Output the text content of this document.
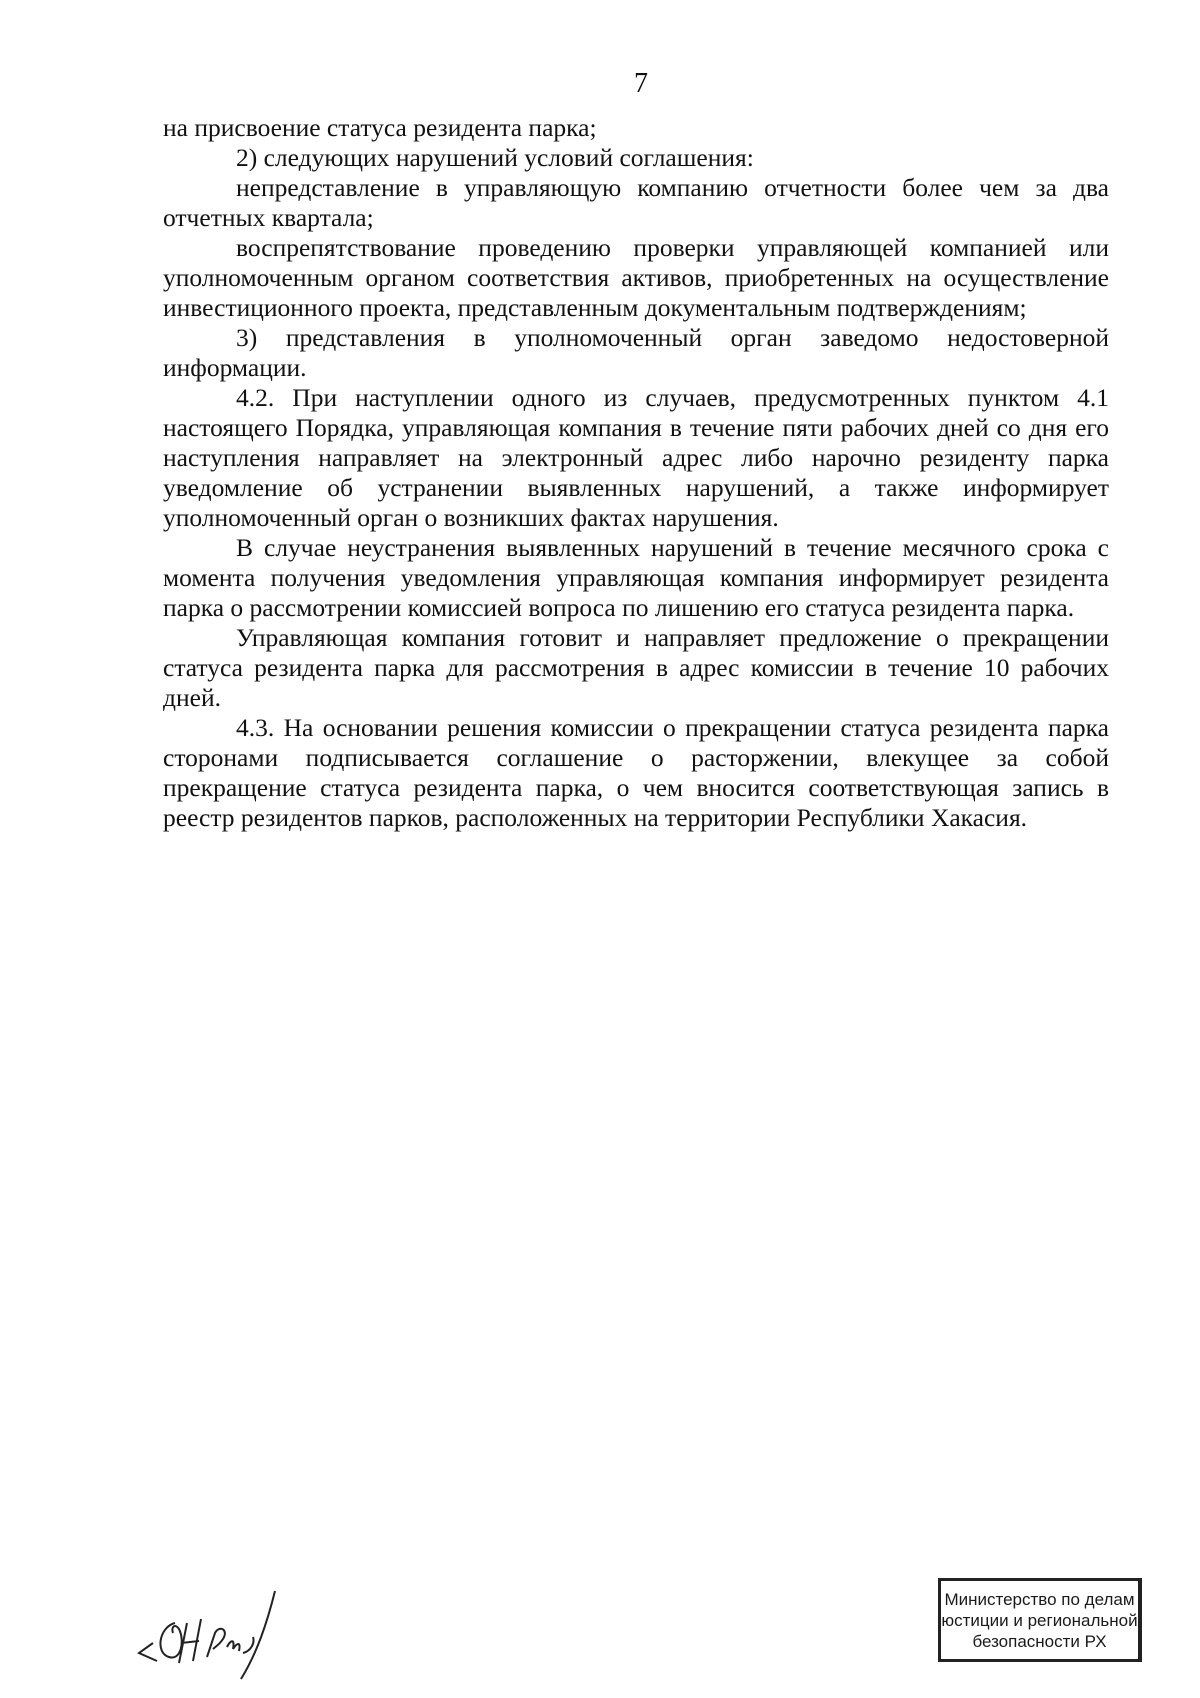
7

на присвоение статуса резидента парка;

2) следующих нарушений условий соглашения:

непредставление в управляющую компанию отчетности более чем за два отчетных квартала;

воспрепятствование проведению проверки управляющей компанией или уполномоченным органом соответствия активов, приобретенных на осуществление инвестиционного проекта, представленным документальным подтверждениям;

3) представления в уполномоченный орган заведомо недостоверной информации.

4.2. При наступлении одного из случаев, предусмотренных пунктом 4.1 настоящего Порядка, управляющая компания в течение пяти рабочих дней со дня его наступления направляет на электронный адрес либо нарочно резиденту парка уведомление об устранении выявленных нарушений, а также информирует уполномоченный орган о возникших фактах нарушения.

В случае неустранения выявленных нарушений в течение месячного срока с момента получения уведомления управляющая компания информирует резидента парка о рассмотрении комиссией вопроса по лишению его статуса резидента парка.

Управляющая компания готовит и направляет предложение о прекращении статуса резидента парка для рассмотрения в адрес комиссии в течение 10 рабочих дней.

4.3. На основании решения комиссии о прекращении статуса резидента парка сторонами подписывается соглашение о расторжении, влекущее за собой прекращение статуса резидента парка, о чем вносится соответствующая запись в реестр резидентов парков, расположенных на территории Республики Хакасия.

Министерство по делам
юстиции и региональной
безопасности РХ
